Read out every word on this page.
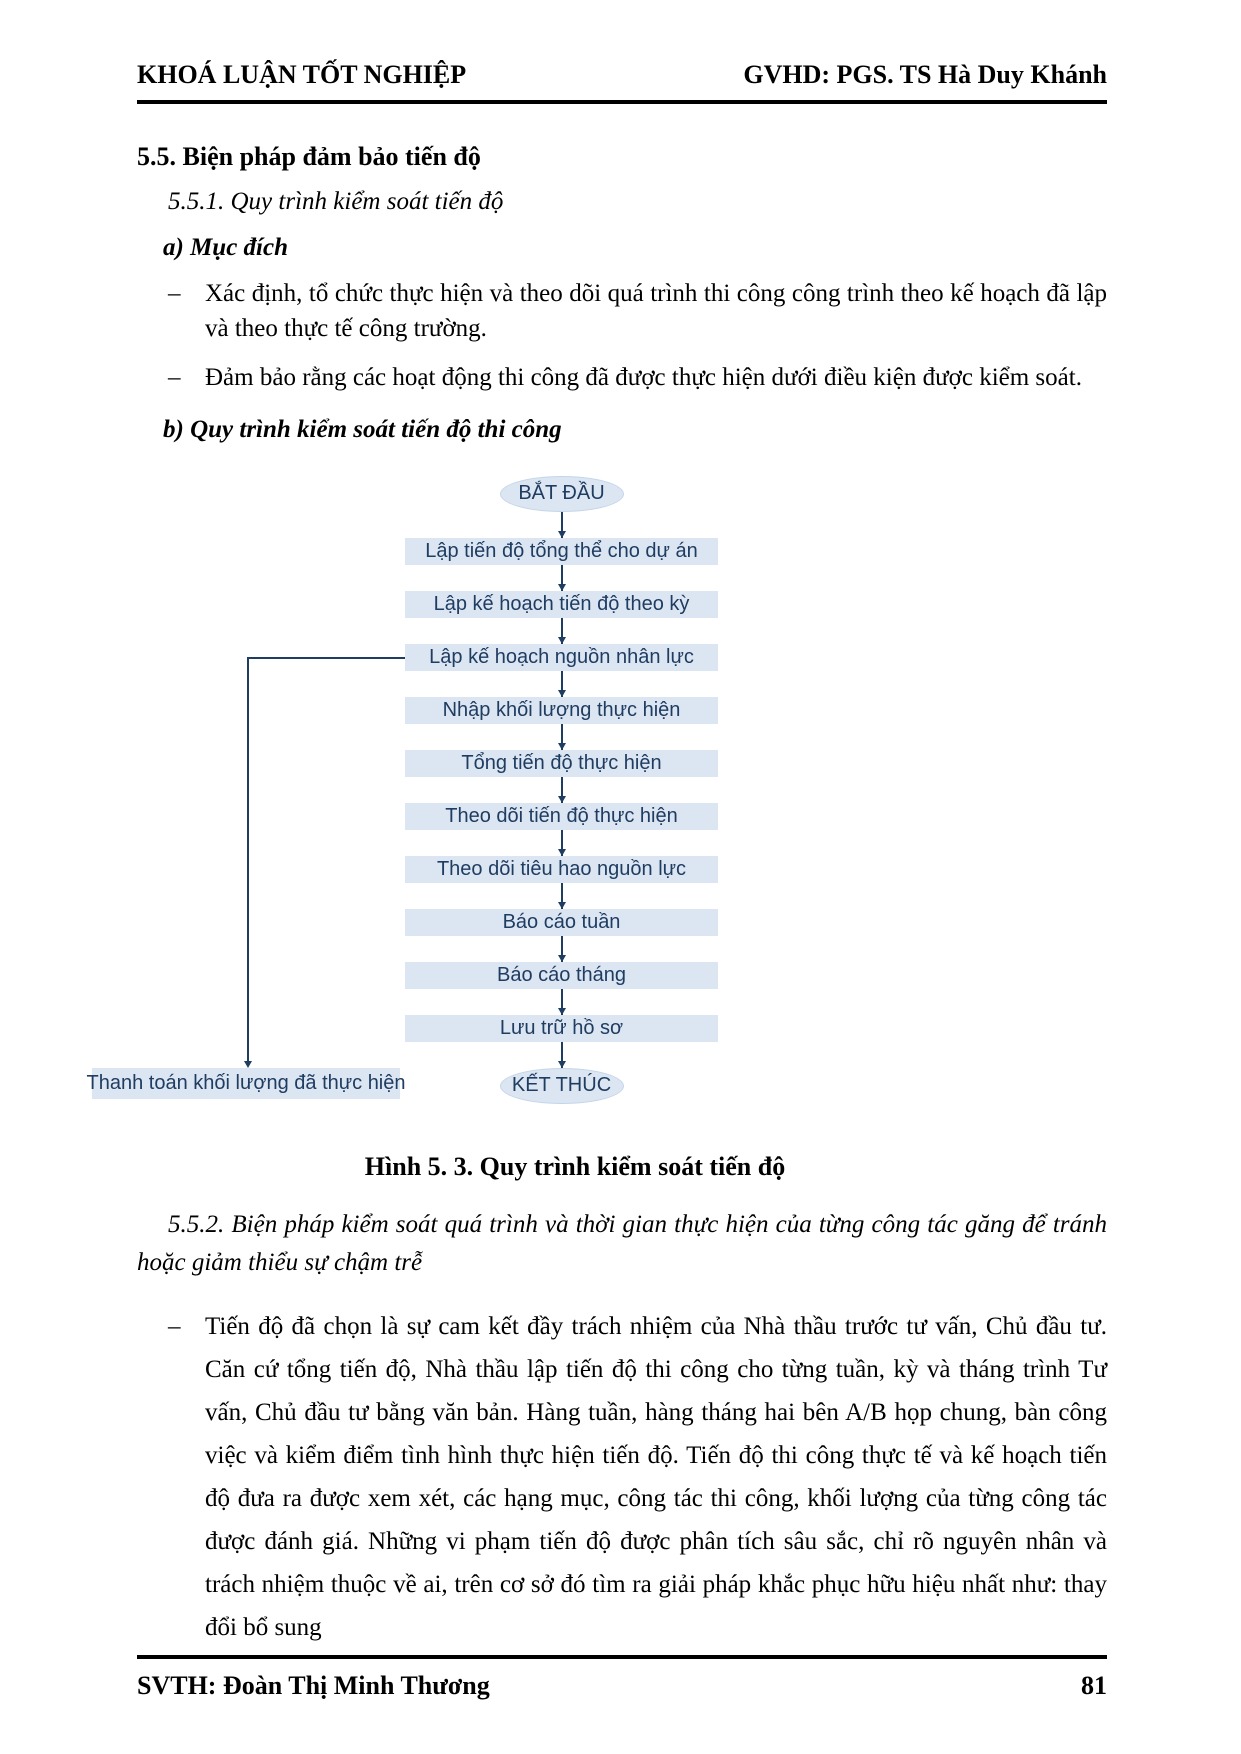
KHOÁ LUẬN TỐT NGHIỆP	GVHD: PGS. TS Hà Duy Khánh
5.5. Biện pháp đảm bảo tiến độ
5.5.1. Quy trình kiểm soát tiến độ
a) Mục đích
– Xác định, tổ chức thực hiện và theo dõi quá trình thi công công trình theo kế hoạch đã lập và theo thực tế công trường.
– Đảm bảo rằng các hoạt động thi công đã được thực hiện dưới điều kiện được kiểm soát.
b) Quy trình kiểm soát tiến độ thi công
BẮT ĐẦU
Lập tiến độ tổng thể cho dự án
Lập kế hoạch tiến độ theo kỳ
Lập kế hoạch nguồn nhân lực
Nhập khối lượng thực hiện
Tổng tiến độ thực hiện
Theo dõi tiến độ thực hiện
Theo dõi tiêu hao nguồn lực
Báo cáo tuần
Báo cáo tháng
Lưu trữ hồ sơ
KẾT THÚC
Thanh toán khối lượng đã thực hiện
Hình 5. 3. Quy trình kiểm soát tiến độ
5.5.2. Biện pháp kiểm soát quá trình và thời gian thực hiện của từng công tác găng để tránh hoặc giảm thiểu sự chậm trễ
– Tiến độ đã chọn là sự cam kết đầy trách nhiệm của Nhà thầu trước tư vấn, Chủ đầu tư. Căn cứ tổng tiến độ, Nhà thầu lập tiến độ thi công cho từng tuần, kỳ và tháng trình Tư vấn, Chủ đầu tư bằng văn bản. Hàng tuần, hàng tháng hai bên A/B họp chung, bàn công việc và kiểm điểm tình hình thực hiện tiến độ. Tiến độ thi công thực tế và kế hoạch tiến độ đưa ra được xem xét, các hạng mục, công tác thi công, khối lượng của từng công tác được đánh giá. Những vi phạm tiến độ được phân tích sâu sắc, chỉ rõ nguyên nhân và trách nhiệm thuộc về ai, trên cơ sở đó tìm ra giải pháp khắc phục hữu hiệu nhất như: thay đổi bổ sung
SVTH: Đoàn Thị Minh Thương	81
